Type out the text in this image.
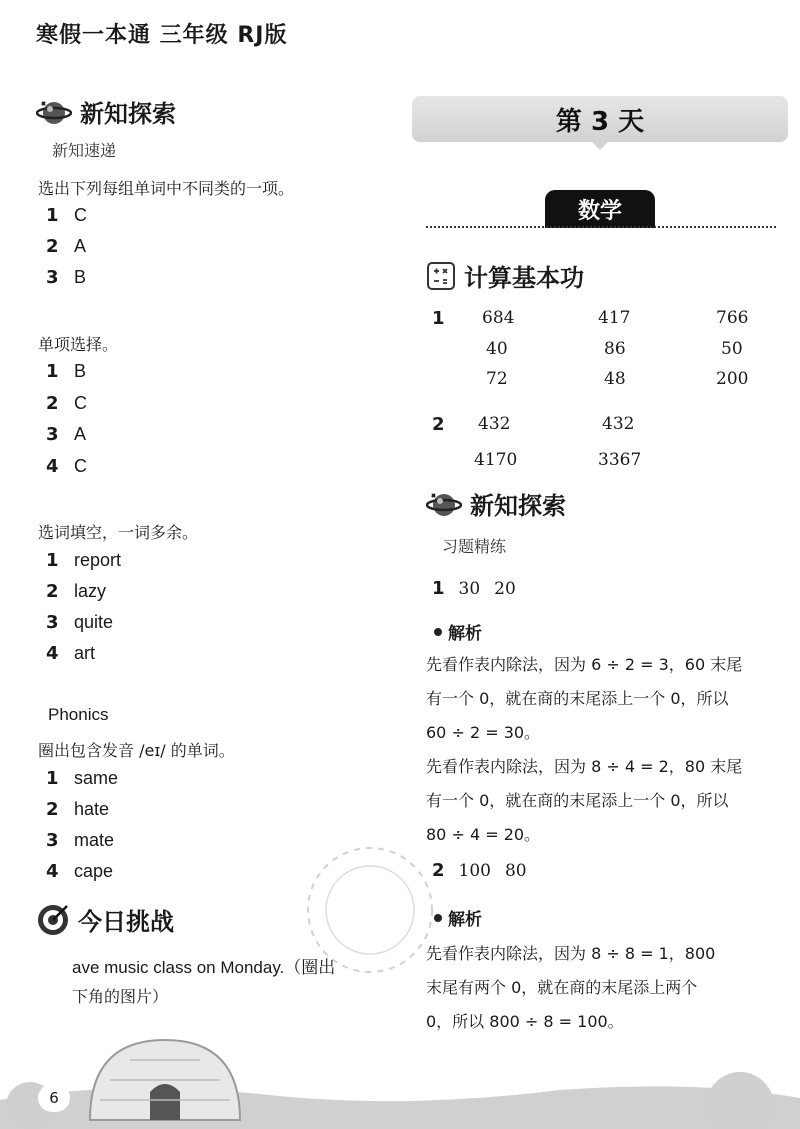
寒假一本通 三年级 RJ版
新知探索
新知速递
选出下列每组单词中不同类的一项。
1 C
2 A
3 B
单项选择。
1 B
2 C
3 A
4 C
选词填空，一词多余。
1 report
2 lazy
3 quite
4 art
Phonics
圈出包含发音 /eɪ/ 的单词。
1 same
2 hate
3 mate
4 cape
今日挑战
ave music class on Monday.（圈出
下角的图片）
6
第 3 天
数学
计算基本功
1 684	417	766
40	86	50
72	48	200
2 432	432
4170	3367
新知探索
习题精练
1 30 20
解析
先看作表内除法，因为 6 ÷ 2 = 3，60 末尾
有一个 0，就在商的末尾添上一个 0，所以
60 ÷ 2 = 30。
先看作表内除法，因为 8 ÷ 4 = 2，80 末尾
有一个 0，就在商的末尾添上一个 0，所以
80 ÷ 4 = 20。
2 100 80
解析
先看作表内除法，因为 8 ÷ 8 = 1，800
末尾有两个 0，就在商的末尾添上两个
0，所以 800 ÷ 8 = 100。
